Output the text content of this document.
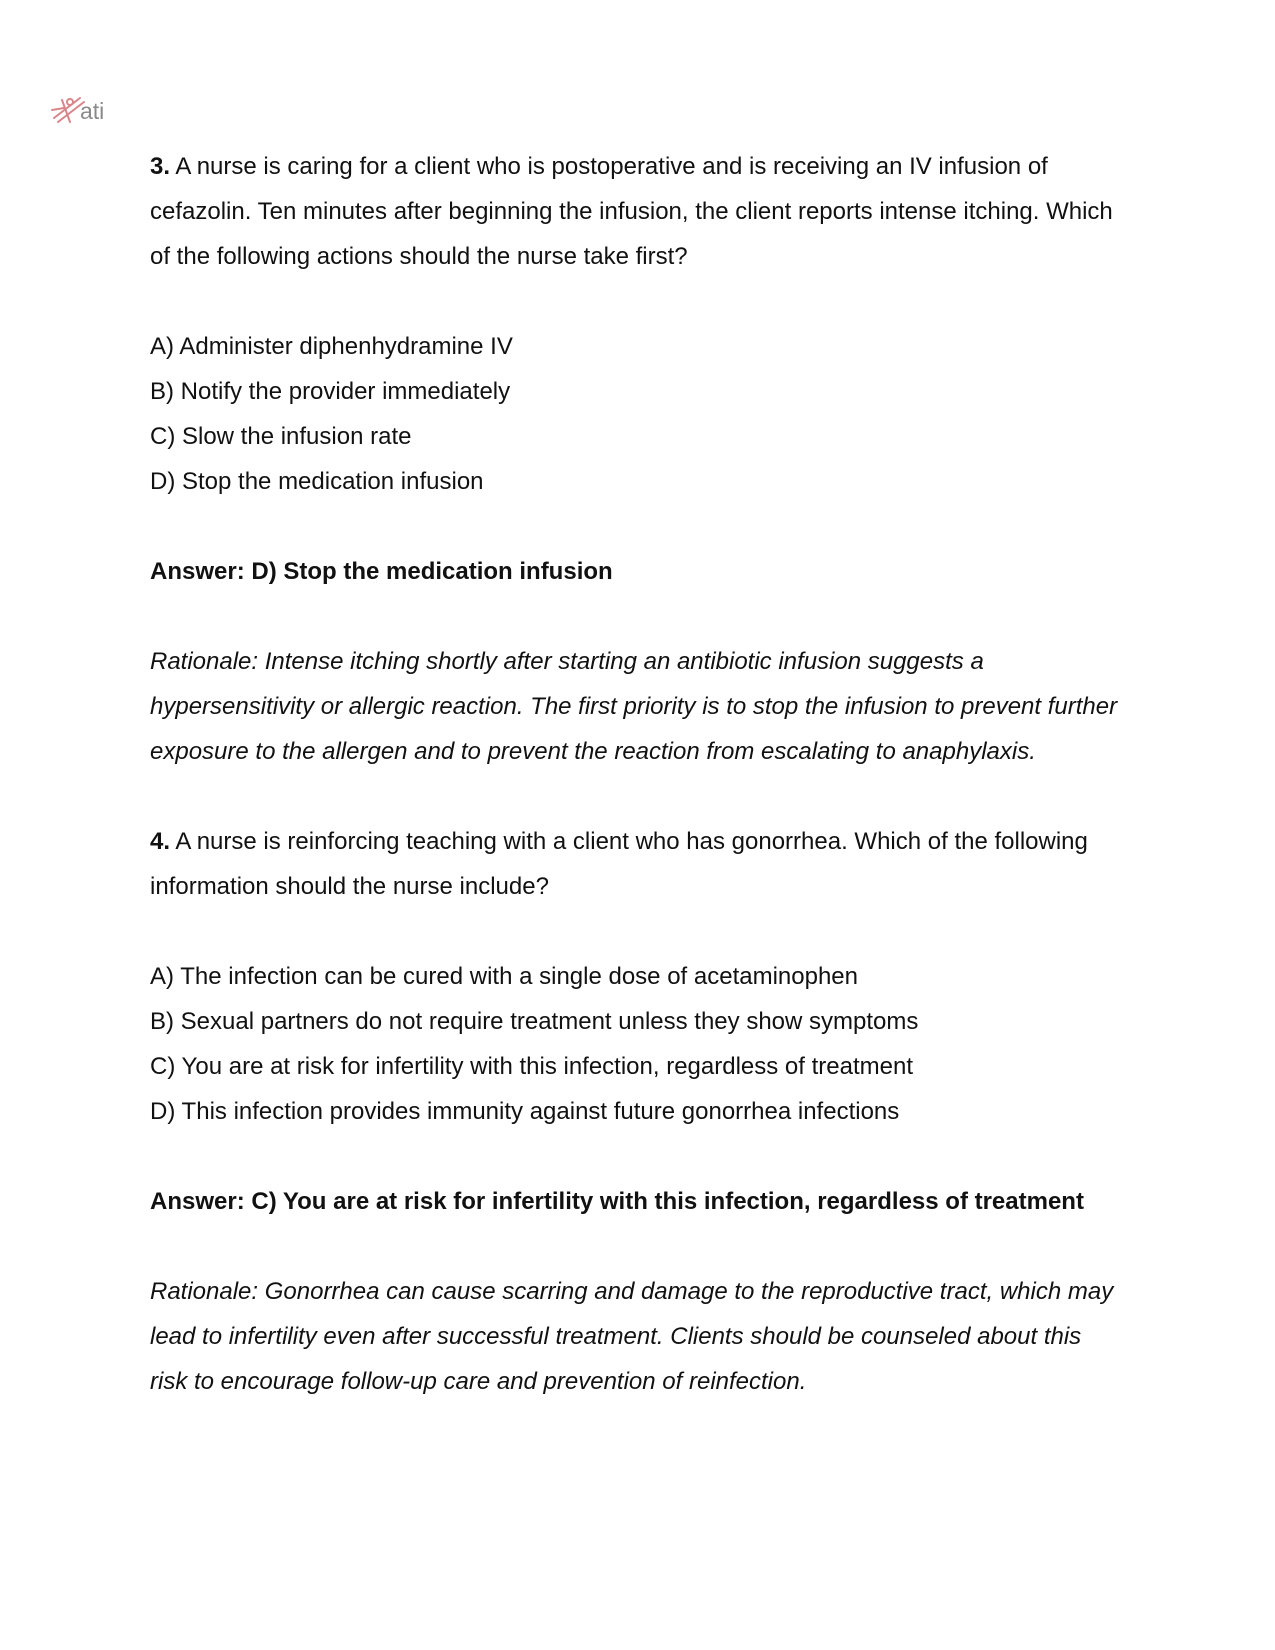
ati

3. A nurse is caring for a client who is postoperative and is receiving an IV infusion of cefazolin. Ten minutes after beginning the infusion, the client reports intense itching. Which of the following actions should the nurse take first?

A) Administer diphenhydramine IV
B) Notify the provider immediately
C) Slow the infusion rate
D) Stop the medication infusion

Answer: D) Stop the medication infusion

Rationale: Intense itching shortly after starting an antibiotic infusion suggests a hypersensitivity or allergic reaction. The first priority is to stop the infusion to prevent further exposure to the allergen and to prevent the reaction from escalating to anaphylaxis.

4. A nurse is reinforcing teaching with a client who has gonorrhea. Which of the following information should the nurse include?

A) The infection can be cured with a single dose of acetaminophen
B) Sexual partners do not require treatment unless they show symptoms
C) You are at risk for infertility with this infection, regardless of treatment
D) This infection provides immunity against future gonorrhea infections

Answer: C) You are at risk for infertility with this infection, regardless of treatment

Rationale: Gonorrhea can cause scarring and damage to the reproductive tract, which may lead to infertility even after successful treatment. Clients should be counseled about this risk to encourage follow-up care and prevention of reinfection.
